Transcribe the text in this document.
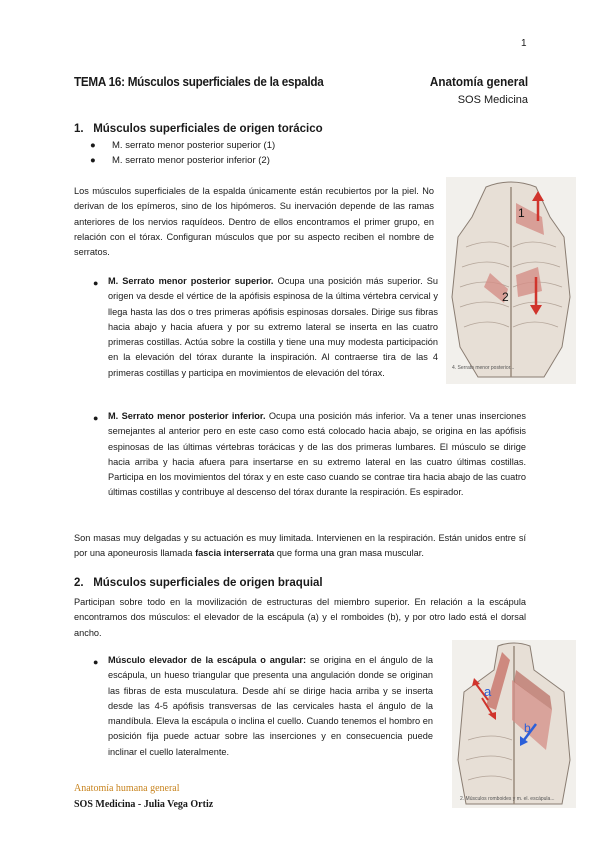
1
TEMA 16: Músculos superficiales de la espalda	Anatomía general
SOS Medicina
1. Músculos superficiales de origen torácico
● M. serrato menor posterior superior (1)
● M. serrato menor posterior inferior (2)
Los músculos superficiales de la espalda únicamente están recubiertos por la piel. No derivan de los epímeros, sino de los hipómeros. Su inervación depende de las ramas anteriores de los nervios raquídeos. Dentro de ellos encontramos el primer grupo, en relación con el tórax. Configuran músculos que por su aspecto reciben el nombre de serratos.
● M. Serrato menor posterior superior. Ocupa una posición más superior. Su origen va desde el vértice de la apófisis espinosa de la última vértebra cervical y llega hasta las dos o tres primeras apófisis espinosas dorsales. Dirige sus fibras hacia abajo y hacia afuera y por su extremo lateral se inserta en las cuatro primeras costillas. Actúa sobre la costilla y tiene una muy modesta participación en la elevación del tórax durante la inspiración. Al contraerse tira de las 4 primeras costillas y participa en movimientos de elevación del tórax.
● M. Serrato menor posterior inferior. Ocupa una posición más inferior. Va a tener unas inserciones semejantes al anterior pero en este caso como está colocado hacia abajo, se origina en las apófisis espinosas de las últimas vértebras torácicas y de las dos primeras lumbares. El músculo se dirige hacia arriba y hacia afuera para insertarse en su extremo lateral en las cuatro últimas costillas. Participa en los movimientos del tórax y en este caso cuando se contrae tira hacia abajo de las cuatro últimas costillas y contribuye al descenso del tórax durante la respiración. Es espirador.
Son masas muy delgadas y su actuación es muy limitada. Intervienen en la respiración. Están unidos entre sí por una aponeurosis llamada fascia interserrata que forma una gran masa muscular.
1
2
4. Serrato menor posterior...
2. Músculos superficiales de origen braquial
Participan sobre todo en la movilización de estructuras del miembro superior. En relación a la escápula encontramos dos músculos: el elevador de la escápula (a) y el romboides (b), y por otro lado está el dorsal ancho.
● Músculo elevador de la escápula o angular: se origina en el ángulo de la escápula, un hueso triangular que presenta una angulación donde se originan las fibras de esta musculatura. Desde ahí se dirige hacia arriba y se inserta desde las 4-5 apófisis transversas de las cervicales hasta el ángulo de la mandíbula. Eleva la escápula o inclina el cuello. Cuando tenemos el hombro en posición fija puede actuar sobre las inserciones y en consecuencia puede inclinar el cuello lateralmente.
a
b
2. Músculos romboides y m. el. escápula...
Anatomía humana general
SOS Medicina - Julia Vega Ortiz
